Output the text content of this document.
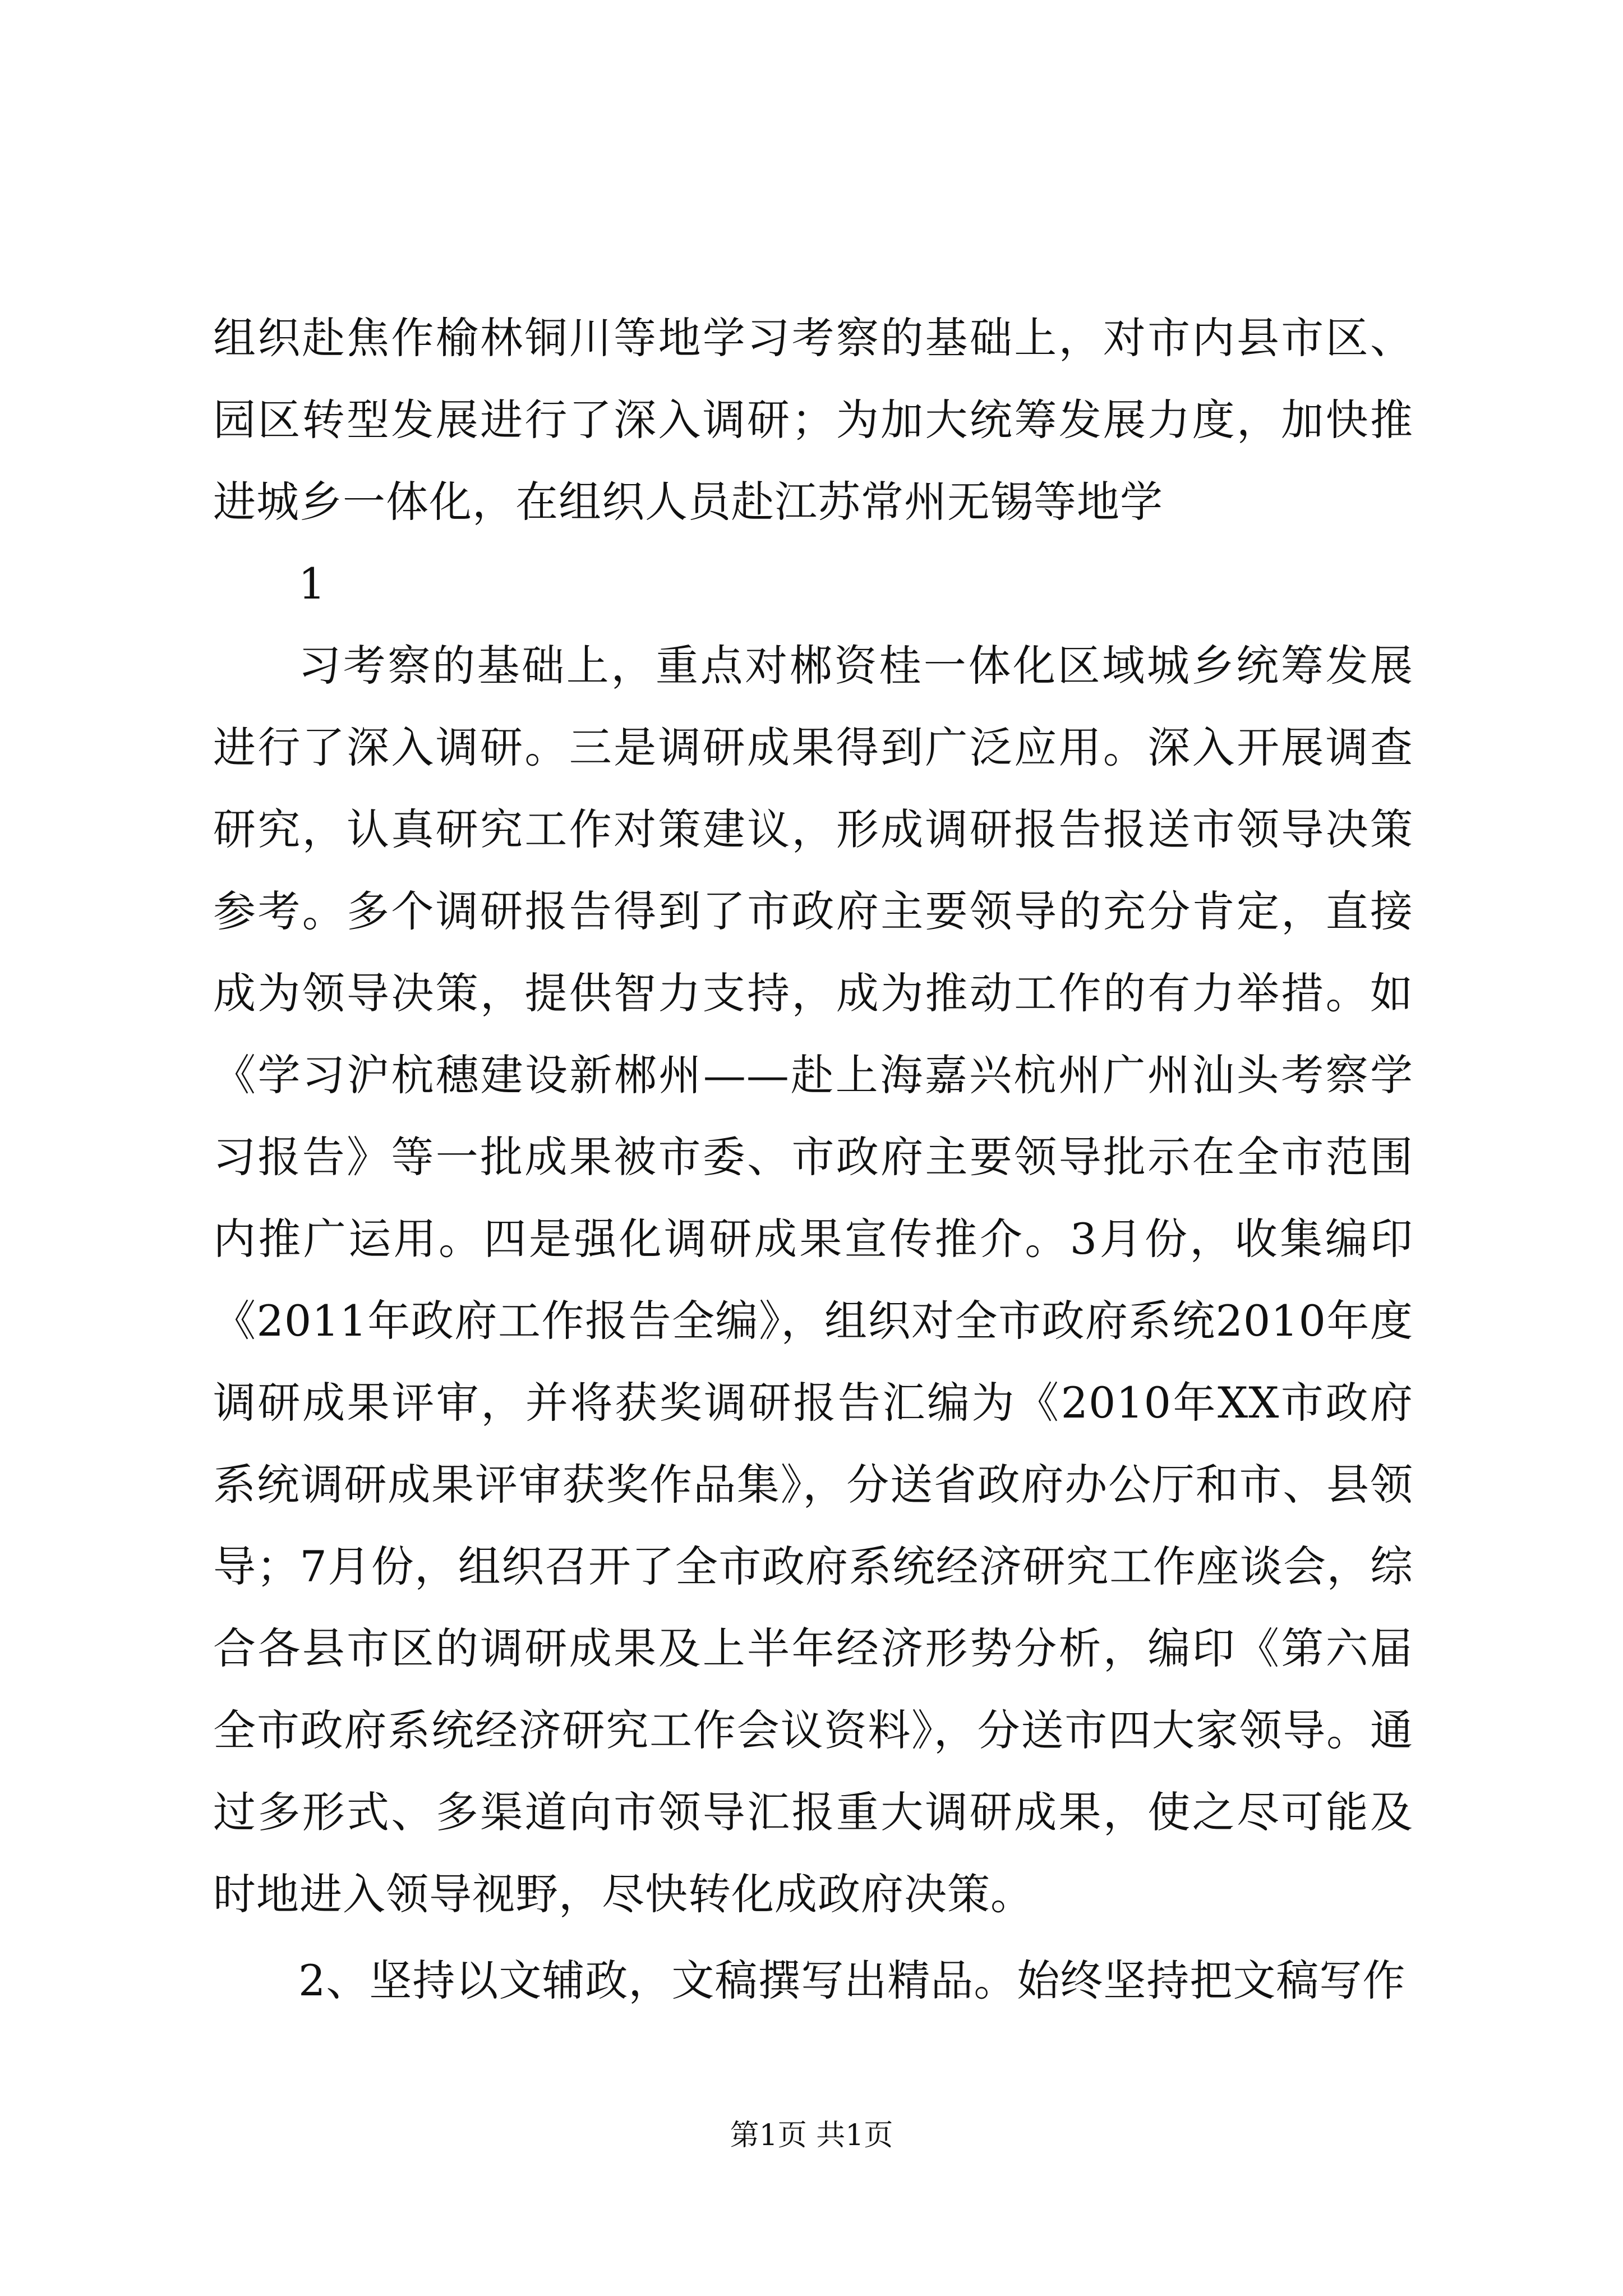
组织赴焦作榆林铜川等地学习考察的基础上，对市内县市区、园区转型发展进行了深入调研；为加大统筹发展力度，加快推进城乡一体化，在组织人员赴江苏常州无锡等地学

1

习考察的基础上，重点对郴资桂一体化区域城乡统筹发展进行了深入调研。三是调研成果得到广泛应用。深入开展调查研究，认真研究工作对策建议，形成调研报告报送市领导决策参考。多个调研报告得到了市政府主要领导的充分肯定，直接成为领导决策，提供智力支持，成为推动工作的有力举措。如《学习沪杭穗建设新郴州——赴上海嘉兴杭州广州汕头考察学习报告》等一批成果被市委、市政府主要领导批示在全市范围内推广运用。四是强化调研成果宣传推介。3月份，收集编印《2011年政府工作报告全编》，组织对全市政府系统2010年度调研成果评审，并将获奖调研报告汇编为《2010年XX市政府系统调研成果评审获奖作品集》，分送省政府办公厅和市、县领导；7月份，组织召开了全市政府系统经济研究工作座谈会，综合各县市区的调研成果及上半年经济形势分析，编印《第六届全市政府系统经济研究工作会议资料》，分送市四大家领导。通过多形式、多渠道向市领导汇报重大调研成果，使之尽可能及时地进入领导视野，尽快转化成政府决策。

2、坚持以文辅政，文稿撰写出精品。始终坚持把文稿写作

第1页 共1页
